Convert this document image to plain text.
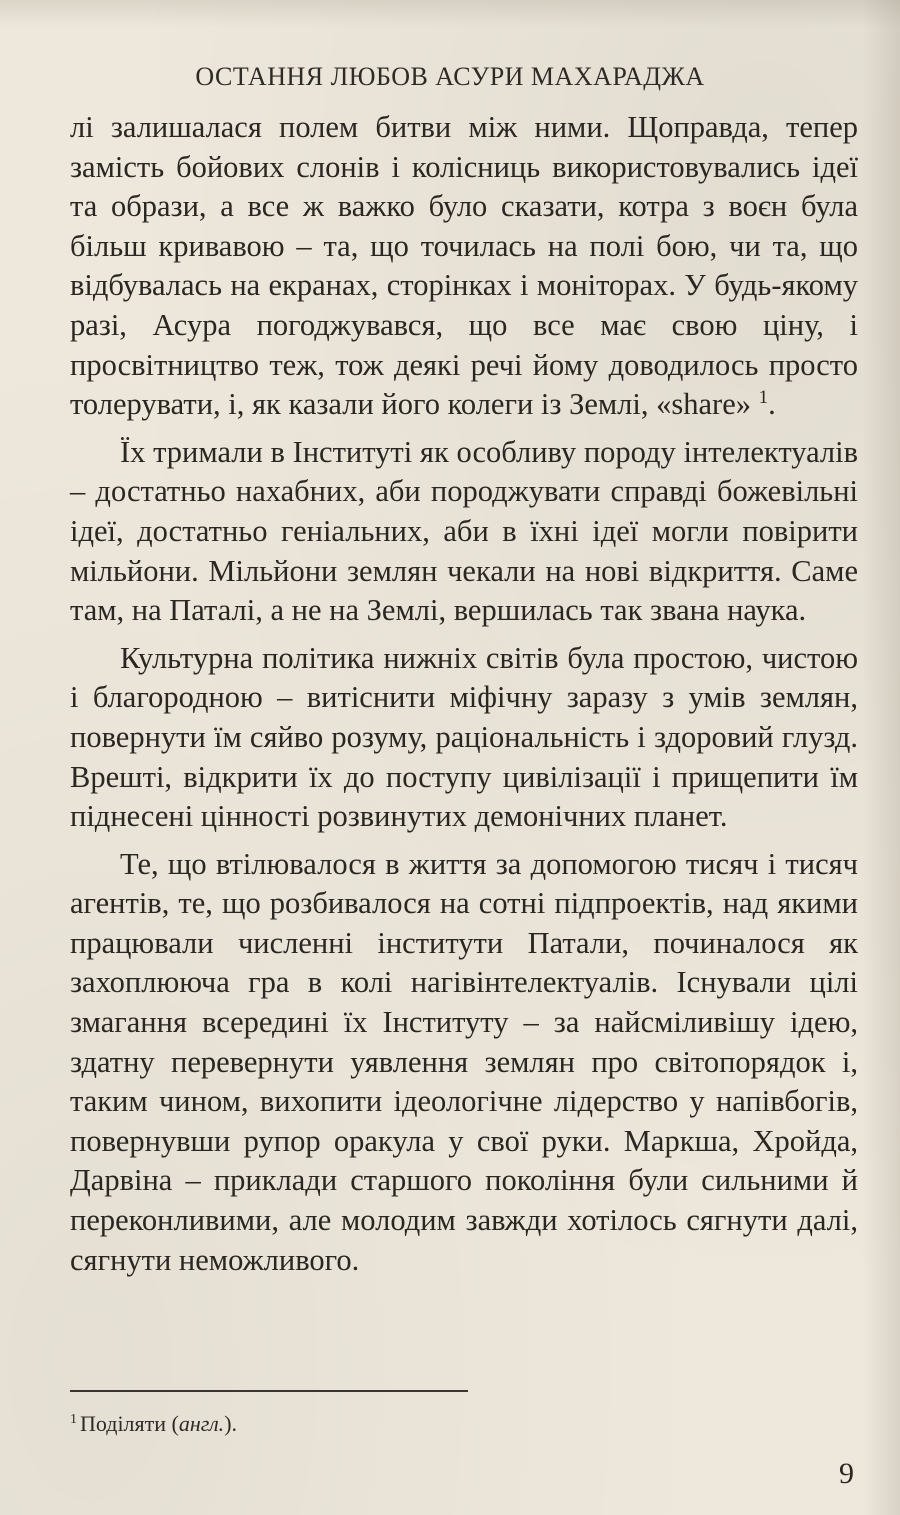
ОСТАННЯ ЛЮБОВ АСУРИ МАХАРАДЖА

лі залишалася полем битви між ними. Щоправда, тепер замість бойових слонів і колісниць використовувались ідеї та образи, а все ж важко було сказати, котра з воєн була більш кривавою – та, що точилась на полі бою, чи та, що відбувалась на екранах, сторінках і моніторах. У будь-якому разі, Асура погоджувався, що все має свою ціну, і просвітництво теж, тож деякі речі йому доводилось просто толерувати, і, як казали його колеги із Землі, «share» $^1$.

Їх тримали в Інституті як особливу породу інтелектуалів – достатньо нахабних, аби породжувати справді божевільні ідеї, достатньо геніальних, аби в їхні ідеї могли повірити мільйони. Мільйони землян чекали на нові відкриття. Саме там, на Паталі, а не на Землі, вершилась так звана наука.

Культурна політика нижніх світів була простою, чистою і благородною – витіснити міфічну заразу з умів землян, повернути їм сяйво розуму, раціональність і здоровий глузд. Врешті, відкрити їх до поступу цивілізації і прищепити їм піднесені цінності розвинутих демонічних планет.

Те, що втілювалося в життя за допомогою тисяч і тисяч агентів, те, що розбивалося на сотні підпроектів, над якими працювали численні інститути Патали, починалося як захоплююча гра в колі нагівінтелектуалів. Існували цілі змагання всередині їх Інституту – за найсміливішу ідею, здатну перевернути уявлення землян про світопорядок і, таким чином, вихопити ідеологічне лідерство у напівбогів, повернувши рупор оракула у свої руки. Маркша, Хройда, Дарвіна – приклади старшого покоління були сильними й переконливими, але молодим завжди хотілось сягнути далі, сягнути неможливого.

$^1$ Поділяти (англ.).
9
